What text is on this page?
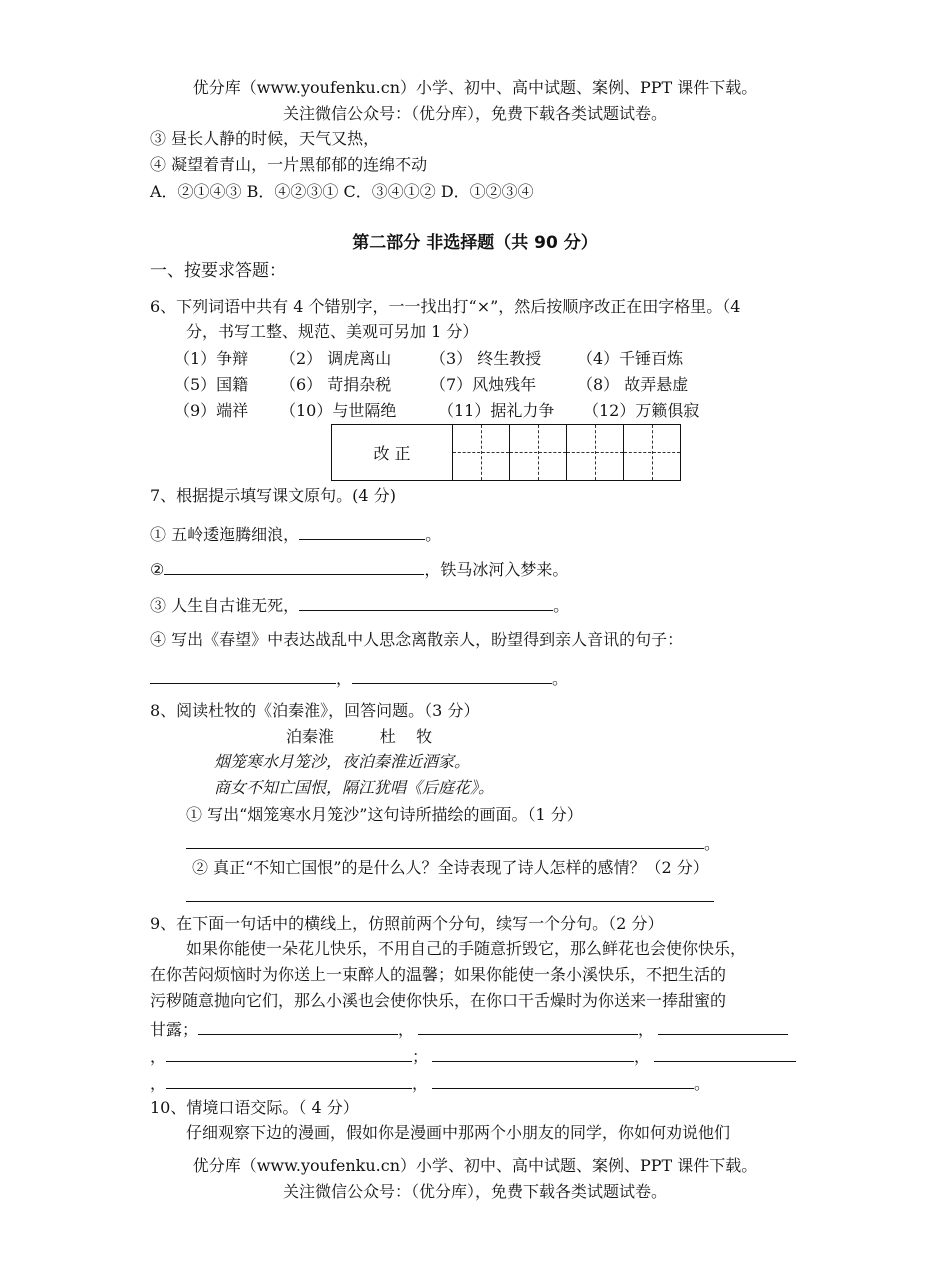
优分库（www.youfenku.cn）小学、初中、高中试题、案例、PPT 课件下载。
关注微信公众号：（优分库），免费下载各类试题试卷。
③ 昼长人静的时候，天气又热，
④ 凝望着青山，一片黑郁郁的连绵不动
A．②①④③ B．④②③① C．③④①② D．①②③④
第二部分 非选择题（共 90 分）
一、按要求答题：
6、下列词语中共有 4 个错别字，一一找出打“×”，然后按顺序改正在田字格里。（4
分，书写工整、规范、美观可另加 1 分）
（1）争辩 （2） 调虎离山 （3） 终生教授 （4）千锤百炼
（5）国籍 （6） 苛捐杂税 （7）风烛残年	（8） 故弄悬虚
（9）端祥 （10）与世隔绝	（11）据礼力争 （12）万籁俱寂
改 正	

7、根据提示填写课文原句。(4 分)
① 五岭逶迤腾细浪，	。
②	，铁马冰河入梦来。
③ 人生自古谁无死，	。
④ 写出《春望》中表达战乱中人思念离散亲人，盼望得到亲人音讯的句子：
，	。
8、阅读杜牧的《泊秦淮》，回答问题。（3 分）
泊秦淮         杜    牧
烟笼寒水月笼沙，夜泊秦淮近酒家。
商女不知亡国恨，隔江犹唱《后庭花》。
① 写出“烟笼寒水月笼沙”这句诗所描绘的画面。（1 分）
。
② 真正“不知亡国恨”的是什么人？全诗表现了诗人怎样的感情？（2 分）
9、在下面一句话中的横线上，仿照前两个分句，续写一个分句。（2 分）
如果你能使一朵花儿快乐，不用自己的手随意折毁它，那么鲜花也会使你快乐，
在你苦闷烦恼时为你送上一束醉人的温馨；如果你能使一条小溪快乐，不把生活的
污秽随意抛向它们，那么小溪也会使你快乐，在你口干舌燥时为你送来一捧甜蜜的
甘露；	，	，
，	；	，
，	，	。
10、情境口语交际。（ 4 分）
仔细观察下边的漫画，假如你是漫画中那两个小朋友的同学，你如何劝说他们
优分库（www.youfenku.cn）小学、初中、高中试题、案例、PPT 课件下载。
关注微信公众号：（优分库），免费下载各类试题试卷。
